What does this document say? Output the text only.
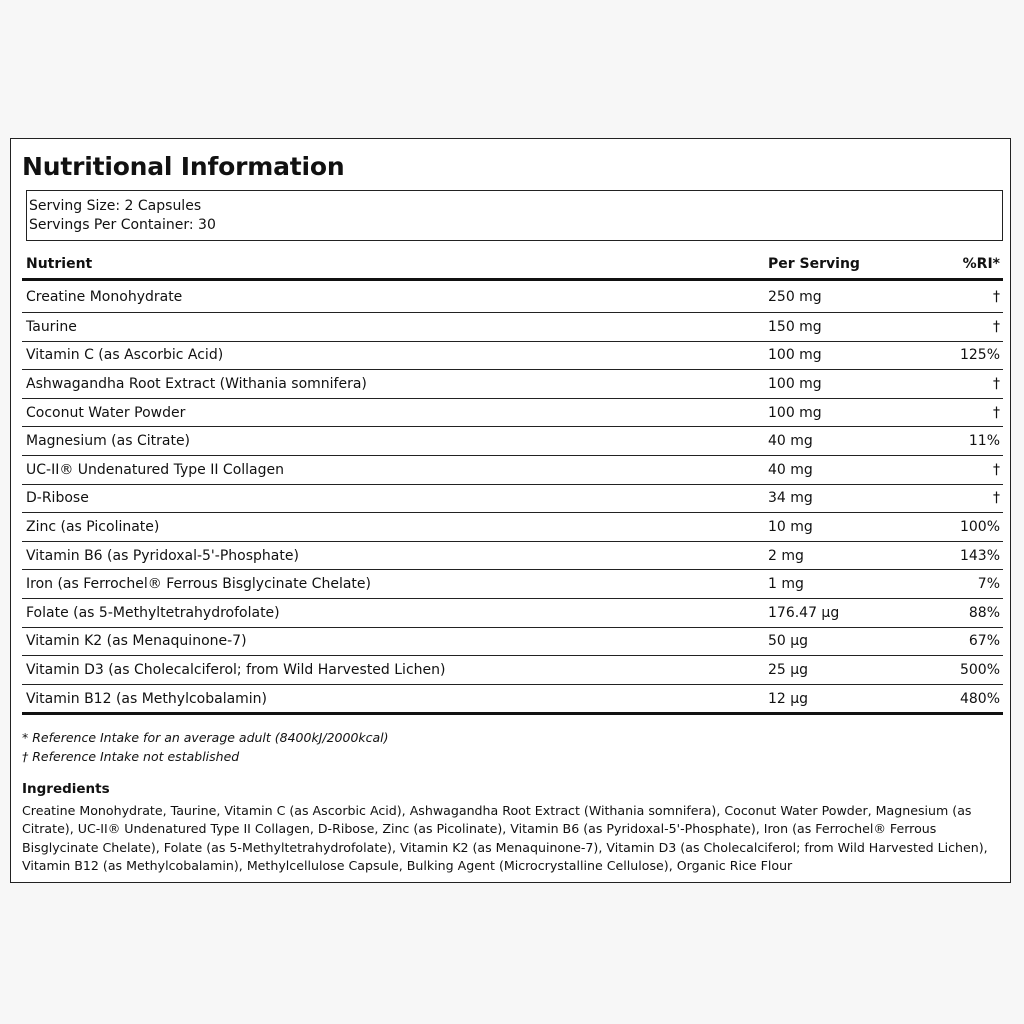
Nutritional Information
Serving Size: 2 Capsules
Servings Per Container: 30
Nutrient	Per Serving	%RI*
Creatine Monohydrate	250 mg	†
Taurine	150 mg	†
Vitamin C (as Ascorbic Acid)	100 mg	125%
Ashwagandha Root Extract (Withania somnifera)	100 mg	†
Coconut Water Powder	100 mg	†
Magnesium (as Citrate)	40 mg	11%
UC-II® Undenatured Type II Collagen	40 mg	†
D-Ribose	34 mg	†
Zinc (as Picolinate)	10 mg	100%
Vitamin B6 (as Pyridoxal-5'-Phosphate)	2 mg	143%
Iron (as Ferrochel® Ferrous Bisglycinate Chelate)	1 mg	7%
Folate (as 5-Methyltetrahydrofolate)	176.47 µg	88%
Vitamin K2 (as Menaquinone-7)	50 µg	67%
Vitamin D3 (as Cholecalciferol; from Wild Harvested Lichen)	25 µg	500%
Vitamin B12 (as Methylcobalamin)	12 µg	480%
* Reference Intake for an average adult (8400kJ/2000kcal)
† Reference Intake not established
Ingredients
Creatine Monohydrate, Taurine, Vitamin C (as Ascorbic Acid), Ashwagandha Root Extract (Withania somnifera), Coconut Water Powder, Magnesium (as Citrate), UC-II® Undenatured Type II Collagen, D-Ribose, Zinc (as Picolinate), Vitamin B6 (as Pyridoxal-5'-Phosphate), Iron (as Ferrochel® Ferrous Bisglycinate Chelate), Folate (as 5-Methyltetrahydrofolate), Vitamin K2 (as Menaquinone-7), Vitamin D3 (as Cholecalciferol; from Wild Harvested Lichen), Vitamin B12 (as Methylcobalamin), Methylcellulose Capsule, Bulking Agent (Microcrystalline Cellulose), Organic Rice Flour
